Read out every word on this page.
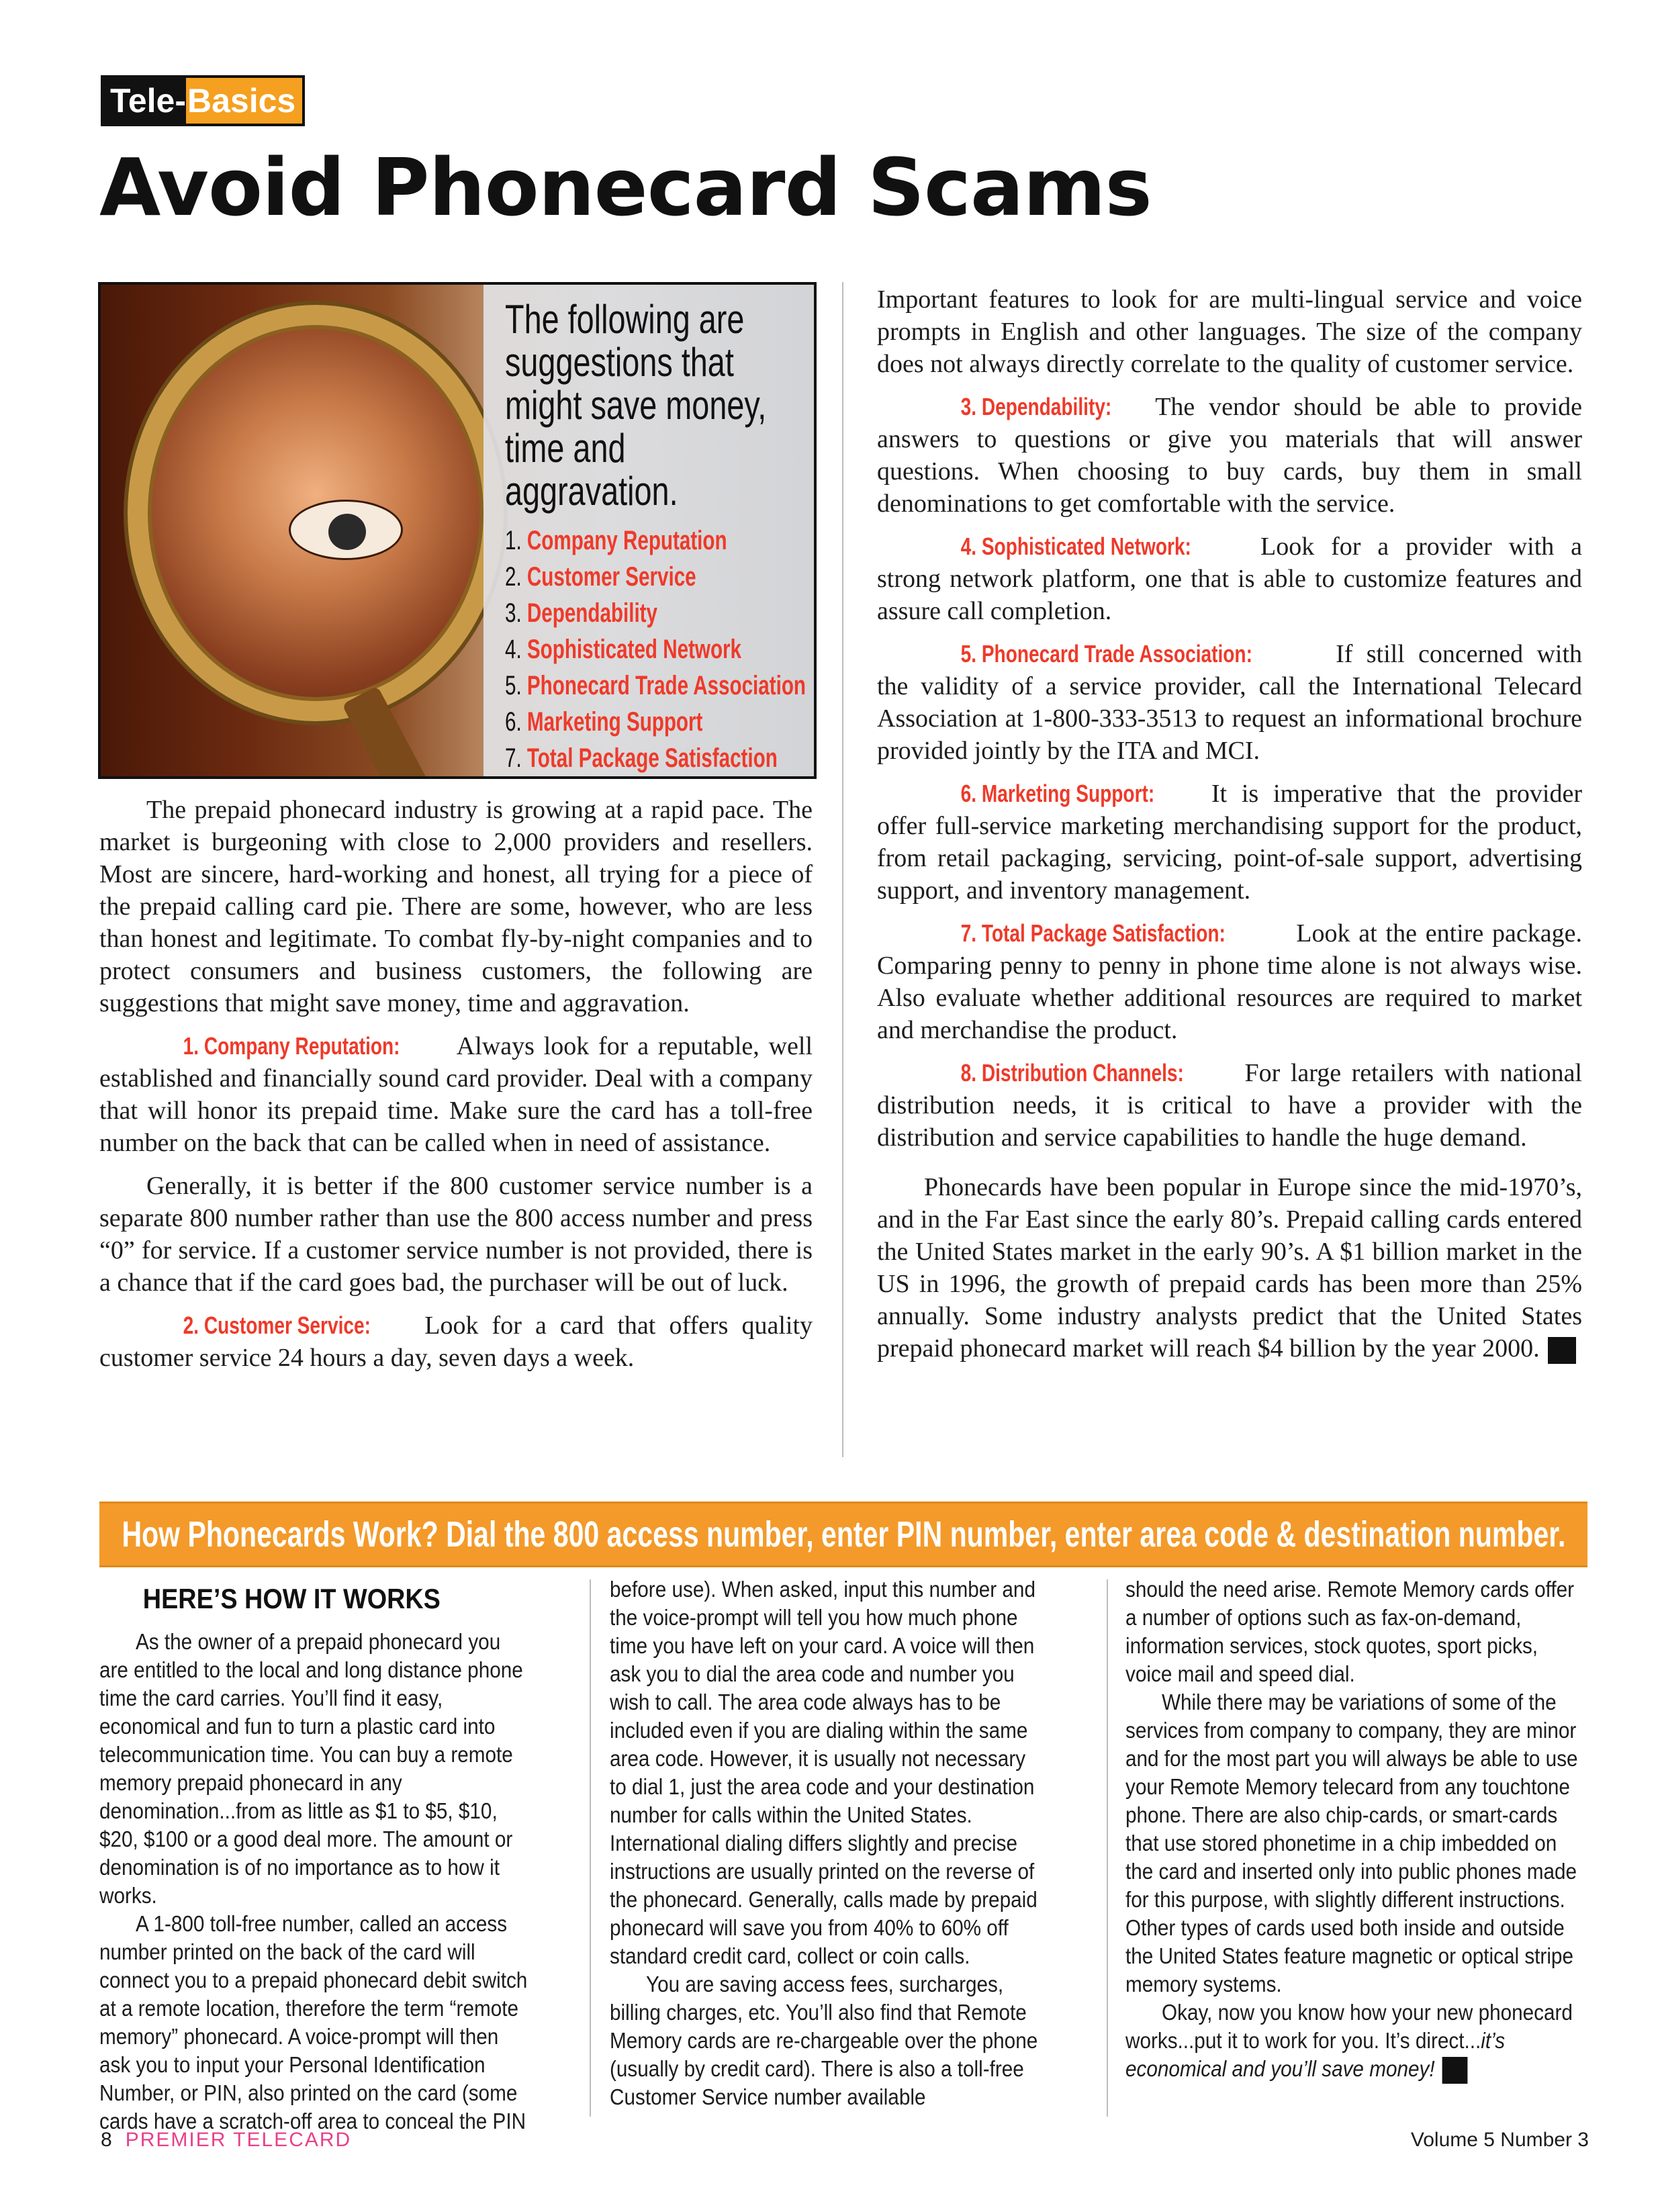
Tele- Basics
Avoid Phonecard Scams
The following are suggestions that might save money, time and aggravation.
1. Company Reputation
2. Customer Service
3. Dependability
4. Sophisticated Network
5. Phonecard Trade Association
6. Marketing Support
7. Total Package Satisfaction

The prepaid phonecard industry is growing at a rapid pace. The market is burgeoning with close to 2,000 providers and resellers. Most are sincere, hard-working and honest, all trying for a piece of the prepaid calling card pie. There are some, however, who are less than honest and legitimate. To combat fly-by-night companies and to protect consumers and business customers, the following are suggestions that might save money, time and aggravation.

1. Company Reputation: Always look for a reputable, well established and financially sound card provider. Deal with a company that will honor its prepaid time. Make sure the card has a toll-free number on the back that can be called when in need of assistance.

Generally, it is better if the 800 customer service number is a separate 800 number rather than use the 800 access number and press “0” for service. If a customer service number is not provided, there is a chance that if the card goes bad, the purchaser will be out of luck.

2. Customer Service: Look for a card that offers quality customer service 24 hours a day, seven days a week.

Important features to look for are multi-lingual service and voice prompts in English and other languages. The size of the company does not always directly correlate to the quality of customer service.

3. Dependability: The vendor should be able to provide answers to questions or give you materials that will answer questions. When choosing to buy cards, buy them in small denominations to get comfortable with the service.

4. Sophisticated Network:	Look for a provider with a strong network platform, one that is able to customize features and assure call completion.

5. Phonecard Trade Association:	If still concerned with the validity of a service provider, call the International Telecard Association at 1-800-333-3513 to request an informational brochure provided jointly by the ITA and MCI.

6. Marketing Support: It is imperative that the provider offer full-service marketing merchandising support for the product, from retail packaging, servicing, point-of-sale support, advertising support, and inventory management.

7. Total Package Satisfaction:	Look at the entire package. Comparing penny to penny in phone time alone is not always wise. Also evaluate whether additional resources are required to market and merchandise the product.

8. Distribution Channels: For large retailers with national distribution needs, it is critical to have a provider with the distribution and service capabilities to handle the huge demand.

Phonecards have been popular in Europe since the mid-1970’s, and in the Far East since the early 80’s. Prepaid calling cards entered the United States market in the early 90’s. A $1 billion market in the US in 1996, the growth of prepaid cards has been more than 25% annually. Some industry analysts predict that the United States prepaid phonecard market will reach $4 billion by the year 2000.	PT

How Phonecards Work? Dial the 800 access number, enter PIN number, enter area code & destination number.
HERE’S HOW IT WORKS

As the owner of a prepaid phonecard you are entitled to the local and long distance phone time the card carries. You’ll find it easy, economical and fun to turn a plastic card into telecommunication time. You can buy a remote memory prepaid phonecard in any denomination...from as little as $1 to $5, $10, $20, $100 or a good deal more. The amount or denomination is of no importance as to how it works.

A 1-800 toll-free number, called an access number printed on the back of the card will connect you to a prepaid phonecard debit switch at a remote location, therefore the term “remote memory” phonecard. A voice-prompt will then ask you to input your Personal Identification Number, or PIN, also printed on the card (some cards have a scratch-off area to conceal the PIN

before use). When asked, input this number and the voice-prompt will tell you how much phone time you have left on your card. A voice will then ask you to dial the area code and number you wish to call. The area code always has to be included even if you are dialing within the same area code. However, it is usually not necessary to dial 1, just the area code and your destination number for calls within the United States. International dialing differs slightly and precise instructions are usually printed on the reverse of the phonecard. Generally, calls made by prepaid phonecard will save you from 40% to 60% off standard credit card, collect or coin calls.

You are saving access fees, surcharges, billing charges, etc. You’ll also find that Remote Memory cards are re-chargeable over the phone (usually by credit card). There is also a toll-free Customer Service number available

should the need arise. Remote Memory cards offer a number of options such as fax-on-demand, information services, stock quotes, sport picks, voice mail and speed dial.

While there may be variations of some of the services from company to company, they are minor and for the most part you will always be able to use your Remote Memory telecard from any touchtone phone. There are also chip-cards, or smart-cards that use stored phonetime in a chip imbedded on the card and inserted only into public phones made for this purpose, with slightly different instructions. Other types of cards used both inside and outside the United States feature magnetic or optical stripe memory systems.

Okay, now you know how your new phonecard works...put it to work for you. It’s direct...it’s economical and you’ll save money!	PT

8 PREMIER TELECARD	Volume 5 Number 3
